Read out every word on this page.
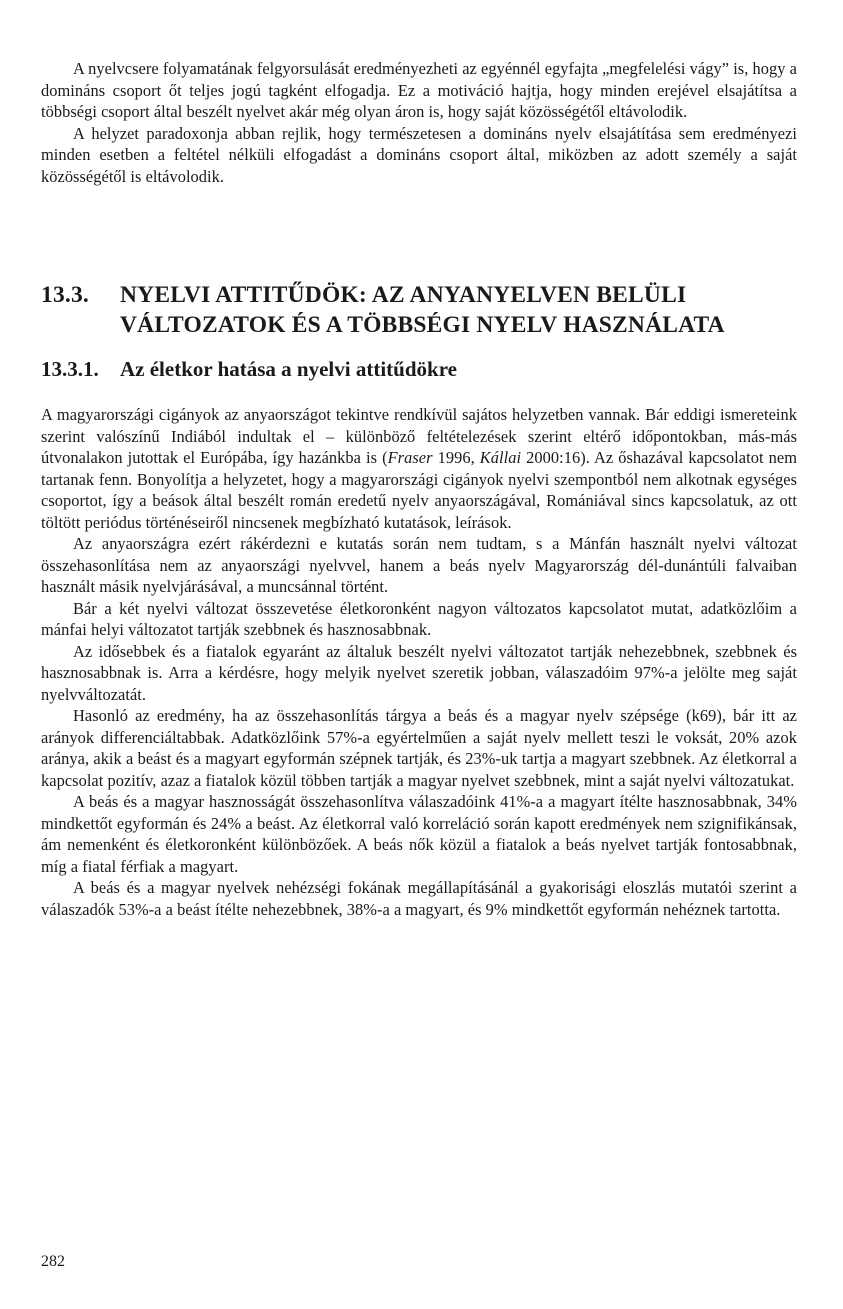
A nyelvcsere folyamatának felgyorsulását eredményezheti az egyénnél egyfajta „megfelelési vágy” is, hogy a domináns csoport őt teljes jogú tagként elfogadja. Ez a motiváció hajtja, hogy minden erejével elsajátítsa a többségi csoport által beszélt nyelvet akár még olyan áron is, hogy saját közösségétől eltávolodik.

A helyzet paradoxonja abban rejlik, hogy természetesen a domináns nyelv elsajátítása sem eredményezi minden esetben a feltétel nélküli elfogadást a domináns csoport által, miközben az adott személy a saját közösségétől is eltávolodik.

13.3. NYELVI ATTITŰDÖK: AZ ANYANYELVEN BELÜLI
VÁLTOZATOK ÉS A TÖBBSÉGI NYELV HASZNÁLATA
13.3.1. Az életkor hatása a nyelvi attitűdökre

A magyarországi cigányok az anyaországot tekintve rendkívül sajátos helyzetben vannak. Bár eddigi ismereteink szerint valószínű Indiából indultak el – különböző feltételezések szerint eltérő időpontokban, más-más útvonalakon jutottak el Európába, így hazánkba is (Fraser 1996, Kállai 2000:16). Az őshazával kapcsolatot nem tartanak fenn. Bonyolítja a helyzetet, hogy a magyarországi cigányok nyelvi szempontból nem alkotnak egységes csoportot, így a beások által beszélt román eredetű nyelv anyaországával, Romániával sincs kapcsolatuk, az ott töltött periódus történéseiről nincsenek megbízható kutatások, leírások.

Az anyaországra ezért rákérdezni e kutatás során nem tudtam, s a Mánfán használt nyelvi változat összehasonlítása nem az anyaországi nyelvvel, hanem a beás nyelv Magyarország dél-dunántúli falvaiban használt másik nyelvjárásával, a muncsánnal történt.

Bár a két nyelvi változat összevetése életkoronként nagyon változatos kapcsolatot mutat, adatközlőim a mánfai helyi változatot tartják szebbnek és hasznosabbnak.

Az idősebbek és a fiatalok egyaránt az általuk beszélt nyelvi változatot tartják nehezebbnek, szebbnek és hasznosabbnak is. Arra a kérdésre, hogy melyik nyelvet szeretik jobban, válaszadóim 97%-a jelölte meg saját nyelvváltozatát.

Hasonló az eredmény, ha az összehasonlítás tárgya a beás és a magyar nyelv szépsége (k69), bár itt az arányok differenciáltabbak. Adatközlőink 57%-a egyértelműen a saját nyelv mellett teszi le voksát, 20% azok aránya, akik a beást és a magyart egyformán szépnek tartják, és 23%-uk tartja a magyart szebbnek. Az életkorral a kapcsolat pozitív, azaz a fiatalok közül többen tartják a magyar nyelvet szebbnek, mint a saját nyelvi változatukat.

A beás és a magyar hasznosságát összehasonlítva válaszadóink 41%-a a magyart ítélte hasznosabbnak, 34% mindkettőt egyformán és 24% a beást. Az életkorral való korreláció során kapott eredmények nem szignifikánsak, ám nemenként és életkoronként különbözőek. A beás nők közül a fiatalok a beás nyelvet tartják fontosabbnak, míg a fiatal férfiak a magyart.

A beás és a magyar nyelvek nehézségi fokának megállapításánál a gyakorisági eloszlás mutatói szerint a válaszadók 53%-a a beást ítélte nehezebbnek, 38%-a a magyart, és 9% mindkettőt egyformán nehéznek tartotta.

282
